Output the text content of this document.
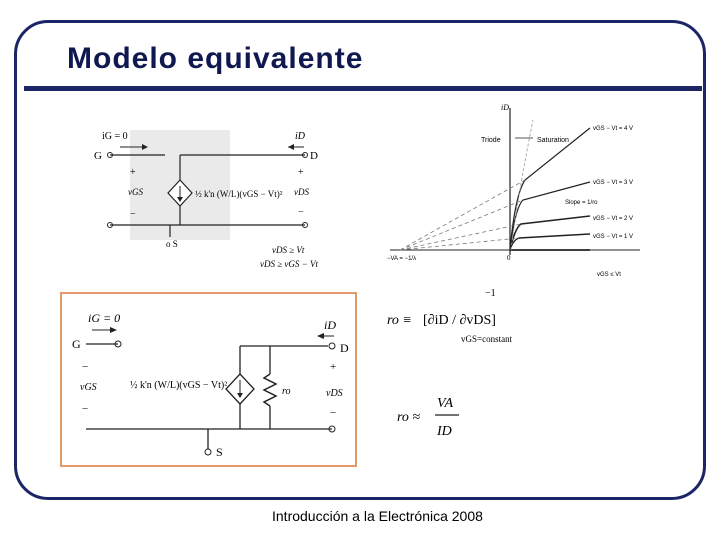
Modelo equivalente
iG = 0	iD
G	D
+
vGS
−
+
vDS
−
½ k'n (W/L)(vGS − Vt)²
o S
vDS ≥ Vt
vDS ≥ vGS − Vt
iD
Triode	Saturation
vGS − Vt = 4 V
vGS − Vt = 3 V
vGS − Vt = 2 V
vGS − Vt = 1 V
vGS ≤ Vt
Slope = 1/ro
0
−VA = −1/λ
iG = 0
G
iD
D
−
vGS
−
+
vDS
−
½ k'n (W/L)(vGS − Vt)²
ro
S
ro ≡ [∂iD / ∂vDS]
−1
vGS=constant
ro ≈
VA
ID
Introducción a la Electrónica 2008
